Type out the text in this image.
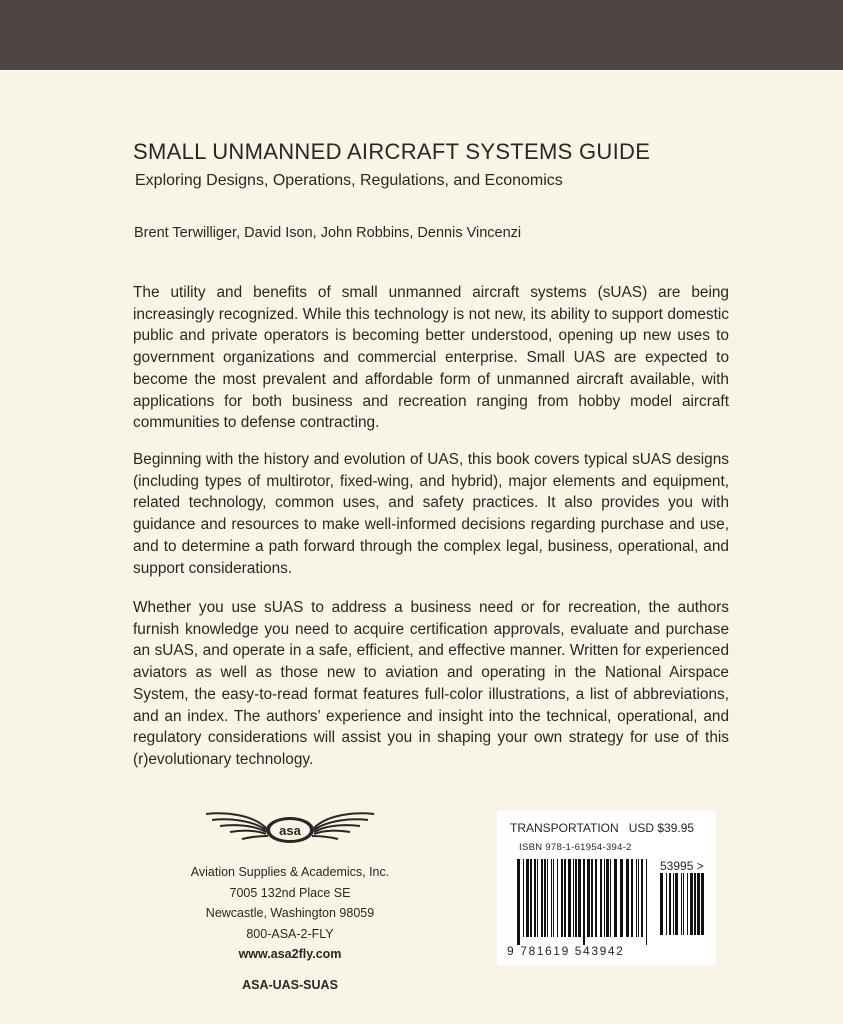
SMALL UNMANNED AIRCRAFT SYSTEMS GUIDE
Exploring Designs, Operations, Regulations, and Economics
Brent Terwilliger, David Ison, John Robbins, Dennis Vincenzi

The utility and benefits of small unmanned aircraft systems (sUAS) are being increasingly recognized. While this technology is not new, its ability to support domestic public and private operators is becoming better understood, opening up new uses to government organizations and commercial enterprise. Small UAS are expected to become the most prevalent and affordable form of unmanned aircraft available, with applications for both business and recreation ranging from hobby model aircraft communities to defense contracting.

Beginning with the history and evolution of UAS, this book covers typical sUAS designs (including types of multirotor, fixed-wing, and hybrid), major elements and equipment, related technology, common uses, and safety practices. It also provides you with guidance and resources to make well-informed decisions regarding purchase and use, and to determine a path forward through the complex legal, business, operational, and support considerations.

Whether you use sUAS to address a business need or for recreation, the authors furnish knowledge you need to acquire certification approvals, evaluate and purchase an sUAS, and operate in a safe, efficient, and effective manner. Written for experienced aviators as well as those new to aviation and operating in the National Airspace System, the easy-to-read format features full-color illustrations, a list of abbreviations, and an index. The authors’ experience and insight into the technical, operational, and regulatory considerations will assist you in shaping your own strategy for use of this (r)evolutionary technology.

asa
Aviation Supplies & Academics, Inc.
7005 132nd Place SE
Newcastle, Washington 98059
800-ASA-2-FLY
www.asa2fly.com
ASA-UAS-SUAS
TRANSPORTATION USD $39.95
ISBN 978-1-61954-394-2
53995 >
9 781619 543942
